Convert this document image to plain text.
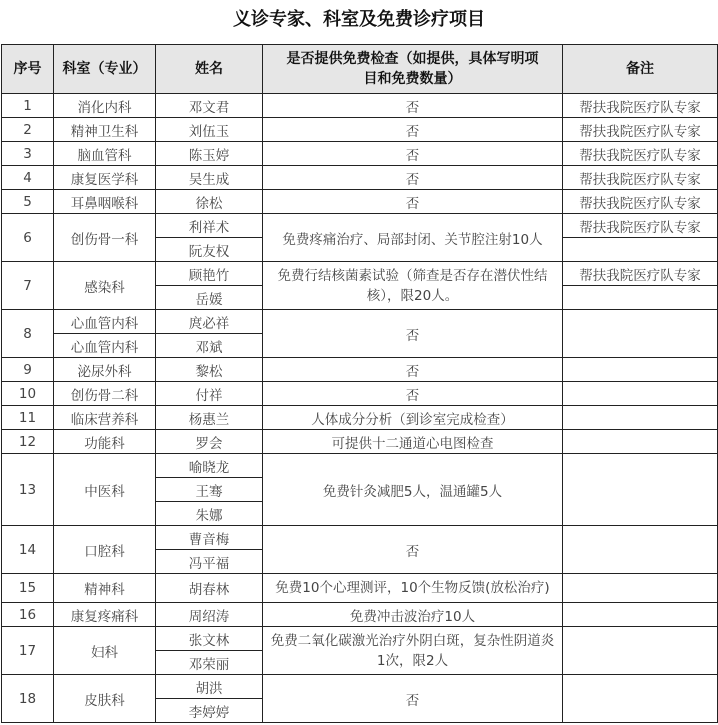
义诊专家、科室及免费诊疗项目
序号	科室（专业）	姓名	是否提供免费检查（如提供，具体写明项目和免费数量）	备注
1	消化内科	邓文君	否	帮扶我院医疗队专家
2	精神卫生科	刘伍玉	否	帮扶我院医疗队专家
3	脑血管科	陈玉婷	否	帮扶我院医疗队专家
4	康复医学科	吴生成	否	帮扶我院医疗队专家
5	耳鼻咽喉科	徐松	否	帮扶我院医疗队专家
6	创伤骨一科	利祥术	免费疼痛治疗、局部封闭、关节腔注射10人	帮扶我院医疗队专家
		阮友权		
7	感染科	顾艳竹	免费行结核菌素试验（筛查是否存在潜伏性结核），限20人。	帮扶我院医疗队专家
		岳媛		
8	心血管内科	庹必祥	否	
	心血管内科	邓斌		
9	泌尿外科	黎松	否	
10	创伤骨二科	付祥	否	
11	临床营养科	杨惠兰	人体成分分析（到诊室完成检查）	
12	功能科	罗会	可提供十二通道心电图检查	
13	中医科	喻晓龙	免费针灸减肥5人，温通罐5人	
		王骞		
		朱娜		
14	口腔科	曹音梅	否	
		冯平福		
15	精神科	胡春林	免费10个心理测评，10个生物反馈(放松治疗)	
16	康复疼痛科	周绍涛	免费冲击波治疗10人	
17	妇科	张文林	免费二氧化碳激光治疗外阴白斑，复杂性阴道炎1次，限2人	
		邓荣丽		
18	皮肤科	胡洪	否	
		李婷婷		
